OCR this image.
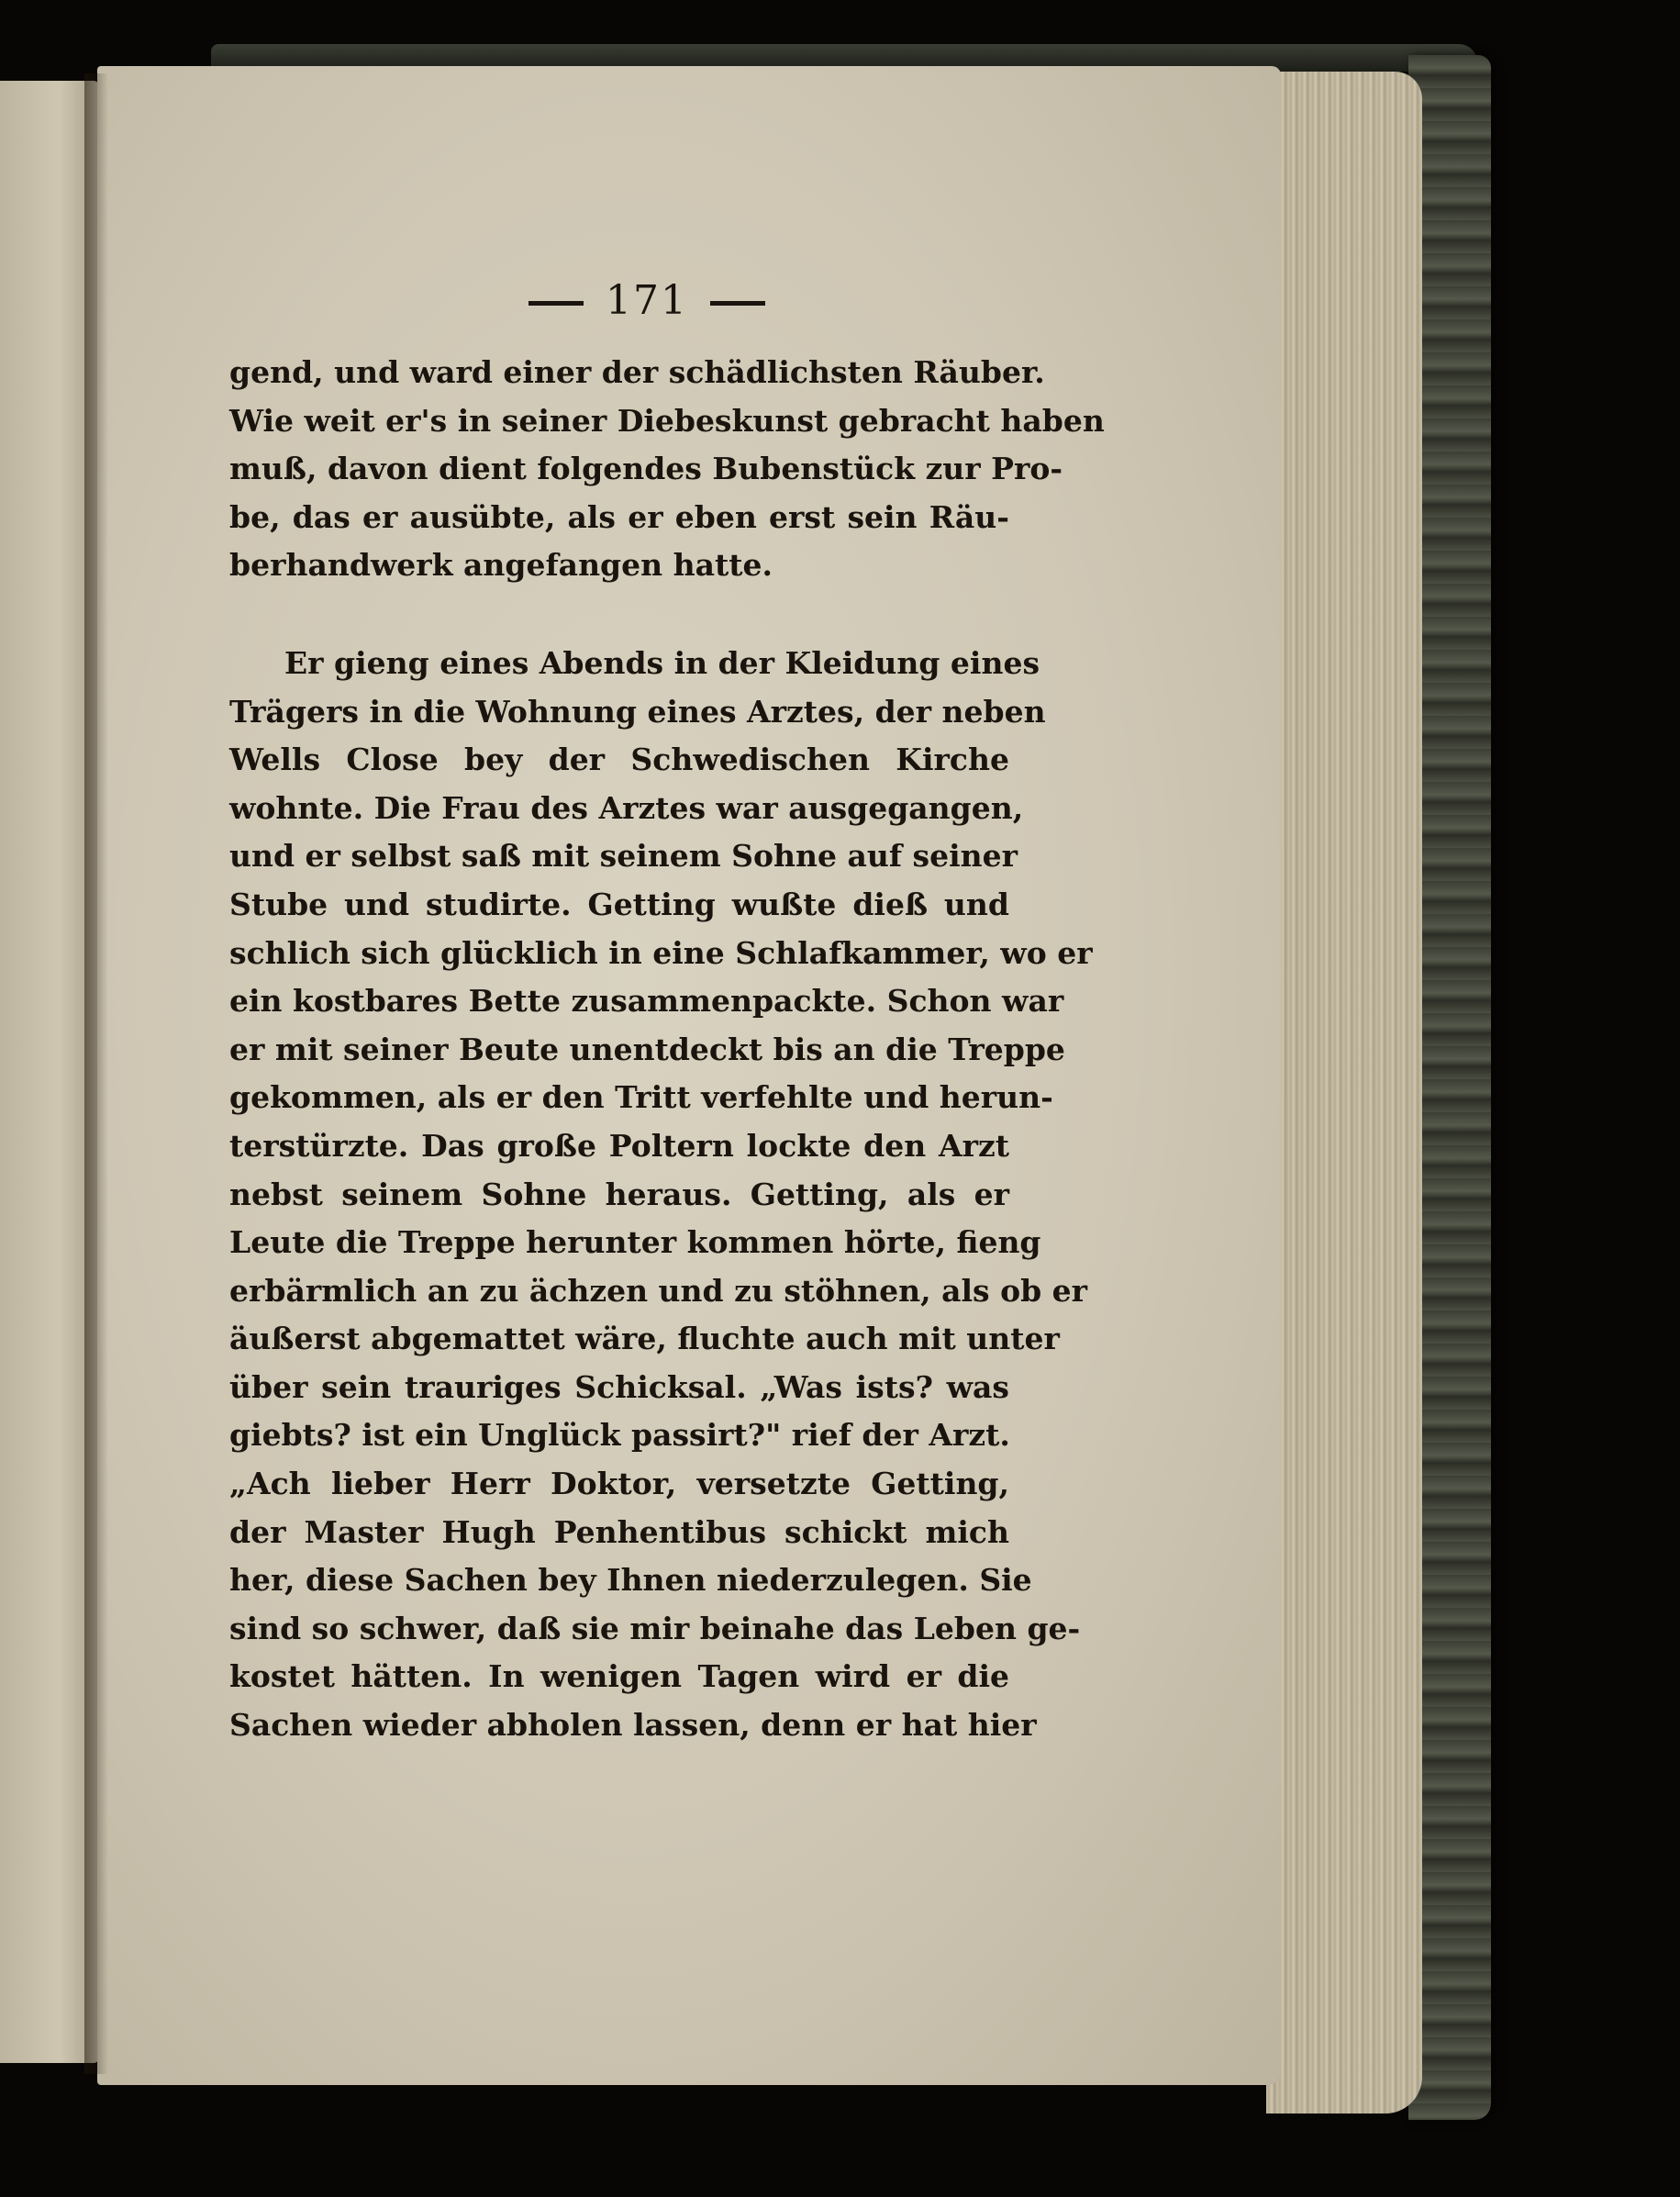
171
gend, und ward einer der schädlichsten Räuber.
Wie weit er's in seiner Diebeskunst gebracht haben
muß, davon dient folgendes Bubenstück zur Pro-
be, das er ausübte, als er eben erst sein Räu-
berhandwerk angefangen hatte.
Er gieng eines Abends in der Kleidung eines
Trägers in die Wohnung eines Arztes, der neben
Wells Close bey der Schwedischen Kirche
wohnte. Die Frau des Arztes war ausgegangen,
und er selbst saß mit seinem Sohne auf seiner
Stube und studirte. Getting wußte dieß und
schlich sich glücklich in eine Schlafkammer, wo er
ein kostbares Bette zusammenpackte. Schon war
er mit seiner Beute unentdeckt bis an die Treppe
gekommen, als er den Tritt verfehlte und herun-
terstürzte. Das große Poltern lockte den Arzt
nebst seinem Sohne heraus. Getting, als er
Leute die Treppe herunter kommen hörte, fieng
erbärmlich an zu ächzen und zu stöhnen, als ob er
äußerst abgemattet wäre, fluchte auch mit unter
über sein trauriges Schicksal. „Was ists? was
giebts? ist ein Unglück passirt?" rief der Arzt.
„Ach lieber Herr Doktor, versetzte Getting,
der Master Hugh Penhentibus schickt mich
her, diese Sachen bey Ihnen niederzulegen. Sie
sind so schwer, daß sie mir beinahe das Leben ge-
kostet hätten. In wenigen Tagen wird er die
Sachen wieder abholen lassen, denn er hat hier
